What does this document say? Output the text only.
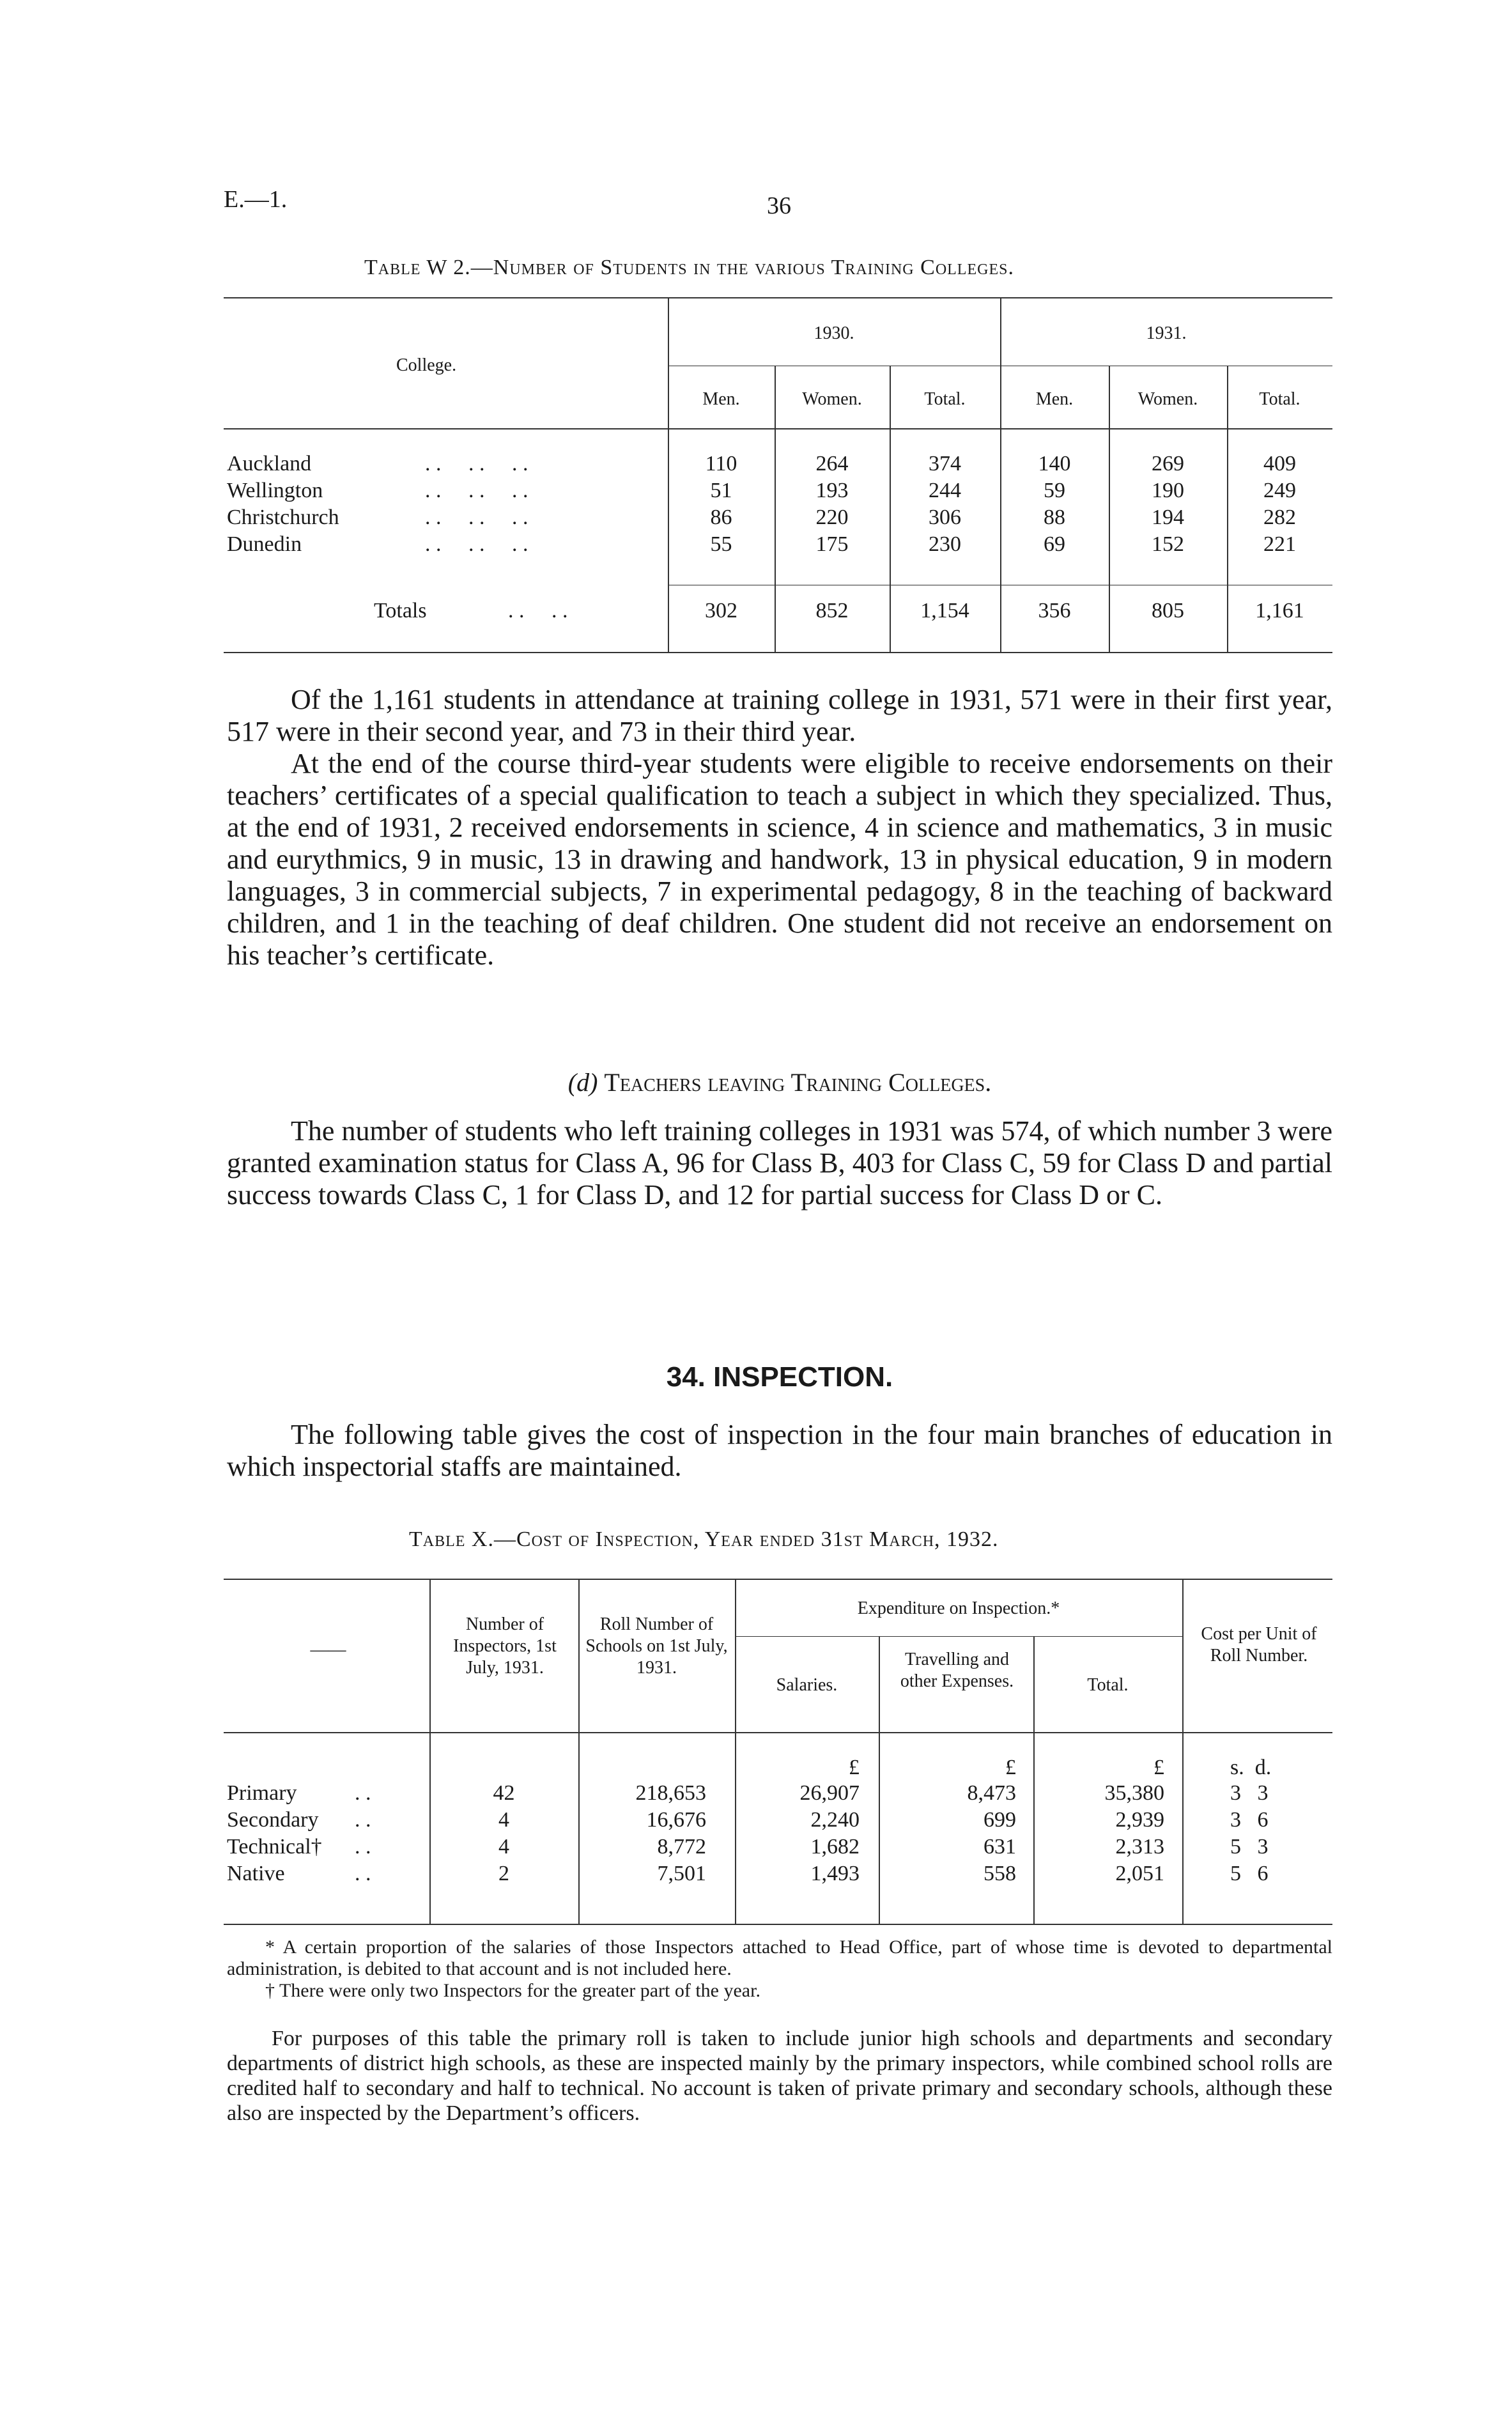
E.—1.	36
Table W 2.—Number of Students in the various Training Colleges.
College.
1930.	1931.
Men.	Women.	Total.	Men.	Women.	Total.
Auckland	. .     . .     . .	110	264	374	140	269	409
Wellington	. .     . .     . .	51	193	244	59	190	249
Christchurch	. .     . .     . .	86	220	306	88	194	282
Dunedin	. .     . .     . .	55	175	230	69	152	221
Totals	. .     . .	302	852	1,154	356	805	1,161

Of the 1,161 students in attendance at training college in 1931, 571 were in their first year, 517 were in their second year, and 73 in their third year.

At the end of the course third-year students were eligible to receive endorsements on their teachers’ certificates of a special qualification to teach a subject in which they specialized. Thus, at the end of 1931, 2 received endorsements in science, 4 in science and mathematics, 3 in music and eurythmics, 9 in music, 13 in drawing and handwork, 13 in physical education, 9 in modern languages, 3 in commercial subjects, 7 in experimental pedagogy, 8 in the teaching of backward children, and 1 in the teaching of deaf children. One student did not receive an endorsement on his teacher’s certificate.

(d) Teachers leaving Training Colleges.

The number of students who left training colleges in 1931 was 574, of which number 3 were granted examination status for Class A, 96 for Class B, 403 for Class C, 59 for Class D and partial success towards Class C, 1 for Class D, and 12 for partial success for Class D or C.

34. INSPECTION.

The following table gives the cost of inspection in the four main branches of education in which inspectorial staffs are maintained.

Table X.—Cost of Inspection, Year ended 31st March, 1932.
——
Number of Inspectors, 1st July, 1931.
Roll Number of Schools on 1st July, 1931.
Expenditure on Inspection.*
Salaries.
Travelling and other Expenses.	Total.
Cost per Unit of Roll Number.
£	£	£	s.  d.
Primary	. .	42	218,653	26,907	8,473	35,380	3   3
Secondary . .	4	16,676	2,240	699	2,939	3   6
Technical† . .	4	8,772	1,682	631	2,313	5   3
Native	. .	2	7,501	1,493	558	2,051	5   6

* A certain proportion of the salaries of those Inspectors attached to Head Office, part of whose time is devoted to departmental administration, is debited to that account and is not included here.

† There were only two Inspectors for the greater part of the year.

For purposes of this table the primary roll is taken to include junior high schools and departments and secondary departments of district high schools, as these are inspected mainly by the primary inspectors, while combined school rolls are credited half to secondary and half to technical. No account is taken of private primary and secondary schools, although these also are inspected by the Department’s officers.
